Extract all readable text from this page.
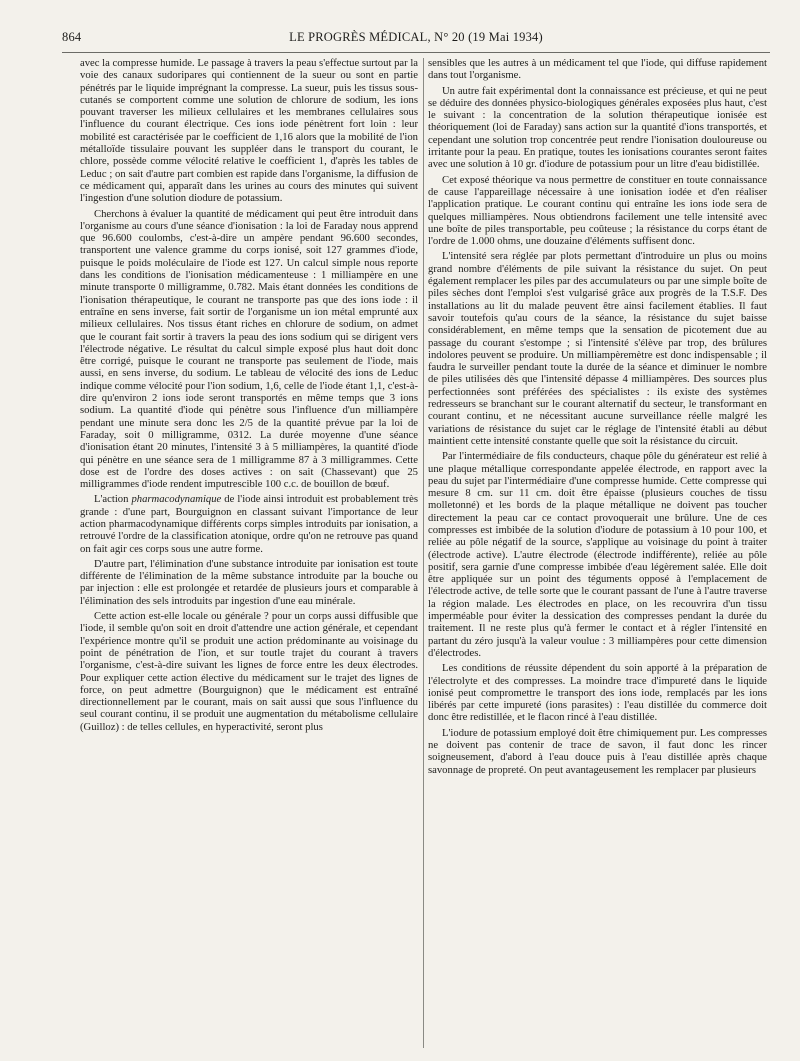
864	LE PROGRÈS MÉDICAL, N° 20 (19 Mai 1934)

avec la compresse humide. Le passage à travers la peau s'effectue surtout par la voie des canaux sudoripares qui contiennent de la sueur ou sont en partie pénétrés par le liquide imprégnant la compresse. La sueur, puis les tissus sous-cutanés se comportent comme une solution de chlorure de sodium, les ions pouvant traverser les milieux cellulaires et les membranes cellulaires sous l'influence du courant électrique. Ces ions iode pénètrent fort loin : leur mobilité est caractérisée par le coefficient de 1,16 alors que la mobilité de l'ion métalloïde tissulaire pouvant les suppléer dans le transport du courant, le chlore, possède comme vélocité relative le coefficient 1, d'après les tables de Leduc ; on sait d'autre part combien est rapide dans l'organisme, la diffusion de ce médicament qui, apparaît dans les urines au cours des minutes qui suivent l'ingestion d'une solution diodure de potassium.

Cherchons à évaluer la quantité de médicament qui peut être introduit dans l'organisme au cours d'une séance d'ionisation : la loi de Faraday nous apprend que 96.600 coulombs, c'est-à-dire un ampère pendant 96.600 secondes, transportent une valence gramme du corps ionisé, soit 127 grammes d'iode, puisque le poids moléculaire de l'iode est 127. Un calcul simple nous reporte dans les conditions de l'ionisation médicamenteuse : 1 milliampère en une minute transporte 0 milligramme, 0.782. Mais étant données les conditions de l'ionisation thérapeutique, le courant ne transporte pas que des ions iode : il entraîne en sens inverse, fait sortir de l'organisme un ion métal emprunté aux milieux cellulaires. Nos tissus étant riches en chlorure de sodium, on admet que le courant fait sortir à travers la peau des ions sodium qui se dirigent vers l'électrode négative. Le résultat du calcul simple exposé plus haut doit donc être corrigé, puisque le courant ne transporte pas seulement de l'iode, mais aussi, en sens inverse, du sodium. Le tableau de vélocité des ions de Leduc indique comme vélocité pour l'ion sodium, 1,6, celle de l'iode étant 1,1, c'est-à-dire qu'environ 2 ions iode seront transportés en même temps que 3 ions sodium. La quantité d'iode qui pénètre sous l'influence d'un milliampère pendant une minute sera donc les 2/5 de la quantité prévue par la loi de Faraday, soit 0 milligramme, 0312. La durée moyenne d'une séance d'ionisation étant 20 minutes, l'intensité 3 à 5 milliampères, la quantité d'iode qui pénètre en une séance sera de 1 milligramme 87 à 3 milligrammes. Cette dose est de l'ordre des doses actives : on sait (Chassevant) que 25 milligrammes d'iode rendent imputrescible 100 c.c. de bouillon de bœuf.

L'action pharmacodynamique de l'iode ainsi introduit est probablement très grande : d'une part, Bourguignon en classant suivant l'importance de leur action pharmacodynamique différents corps simples introduits par ionisation, a retrouvé l'ordre de la classification atonique, ordre qu'on ne retrouve pas quand on fait agir ces corps sous une autre forme.

D'autre part, l'élimination d'une substance introduite par ionisation est toute différente de l'élimination de la même substance introduite par la bouche ou par injection : elle est prolongée et retardée de plusieurs jours et comparable à l'élimination des sels introduits par ingestion d'une eau minérale.

Cette action est-elle locale ou générale ? pour un corps aussi diffusible que l'iode, il semble qu'on soit en droit d'attendre une action générale, et cependant l'expérience montre qu'il se produit une action prédominante au voisinage du point de pénétration de l'ion, et sur toutle trajet du courant à travers l'organisme, c'est-à-dire suivant les lignes de force entre les deux électrodes. Pour expliquer cette action élective du médicament sur le trajet des lignes de force, on peut admettre (Bourguignon) que le médicament est entraîné directionnellement par le courant, mais on sait aussi que sous l'influence du seul courant continu, il se produit une augmentation du métabolisme cellulaire (Guilloz) : de telles cellules, en hyperactivité, seront plus

sensibles que les autres à un médicament tel que l'iode, qui diffuse rapidement dans tout l'organisme.

Un autre fait expérimental dont la connaissance est précieuse, et qui ne peut se déduire des données physico-biologiques générales exposées plus haut, c'est le suivant : la concentration de la solution thérapeutique ionisée est théoriquement (loi de Faraday) sans action sur la quantité d'ions transportés, et cependant une solution trop concentrée peut rendre l'ionisation douloureuse ou irritante pour la peau. En pratique, toutes les ionisations courantes seront faites avec une solution à 10 gr. d'iodure de potassium pour un litre d'eau bidistillée.

Cet exposé théorique va nous permettre de constituer en toute connaissance de cause l'appareillage nécessaire à une ionisation iodée et d'en réaliser l'application pratique. Le courant continu qui entraîne les ions iode sera de quelques milliampères. Nous obtiendrons facilement une telle intensité avec une boîte de piles transportable, peu coûteuse ; la résistance du corps étant de l'ordre de 1.000 ohms, une douzaine d'éléments suffisent donc.

L'intensité sera réglée par plots permettant d'introduire un plus ou moins grand nombre d'éléments de pile suivant la résistance du sujet. On peut également remplacer les piles par des accumulateurs ou par une simple boîte de piles sèches dont l'emploi s'est vulgarisé grâce aux progrès de la T.S.F. Des installations au lit du malade peuvent être ainsi facilement établies. Il faut savoir toutefois qu'au cours de la séance, la résistance du sujet baisse considérablement, en même temps que la sensation de picotement due au passage du courant s'estompe ; si l'intensité s'élève par trop, des brûlures indolores peuvent se produire. Un milliampèremètre est donc indispensable ; il faudra le surveiller pendant toute la durée de la séance et diminuer le nombre de piles utilisées dès que l'intensité dépasse 4 milliampères. Des sources plus perfectionnées sont préférées des spécialistes : ils existe des systèmes redresseurs se branchant sur le courant alternatif du secteur, le transformant en courant continu, et ne nécessitant aucune surveillance réelle malgré les variations de résistance du sujet car le réglage de l'intensité établi au début maintient cette intensité constante quelle que soit la résistance du circuit.

Par l'intermédiaire de fils conducteurs, chaque pôle du générateur est relié à une plaque métallique correspondante appelée électrode, en rapport avec la peau du sujet par l'intermédiaire d'une compresse humide. Cette compresse qui mesure 8 cm. sur 11 cm. doit être épaisse (plusieurs couches de tissu molletonné) et les bords de la plaque métallique ne doivent pas toucher directement la peau car ce contact provoquerait une brûlure. Une de ces compresses est imbibée de la solution d'iodure de potassium à 10 pour 100, et reliée au pôle négatif de la source, s'applique au voisinage du point à traiter (électrode active). L'autre électrode (électrode indifférente), reliée au pôle positif, sera garnie d'une compresse imbibée d'eau légèrement salée. Elle doit être appliquée sur un point des téguments opposé à l'emplacement de l'électrode active, de telle sorte que le courant passant de l'une à l'autre traverse la région malade. Les électrodes en place, on les recouvrira d'un tissu imperméable pour éviter la dessication des compresses pendant la durée du traitement. Il ne reste plus qu'à fermer le contact et à régler l'intensité en partant du zéro jusqu'à la valeur voulue : 3 milliampères pour cette dimension d'électrodes.

Les conditions de réussite dépendent du soin apporté à la préparation de l'électrolyte et des compresses. La moindre trace d'impureté dans le liquide ionisé peut compromettre le transport des ions iode, remplacés par les ions libérés par cette impureté (ions parasites) : l'eau distillée du commerce doit donc être redistillée, et le flacon rincé à l'eau distillée.

L'iodure de potassium employé doit être chimiquement pur. Les compresses ne doivent pas contenir de trace de savon, il faut donc les rincer soigneusement, d'abord à l'eau douce puis à l'eau distillée après chaque savonnage de propreté. On peut avantageusement les remplacer par plusieurs
